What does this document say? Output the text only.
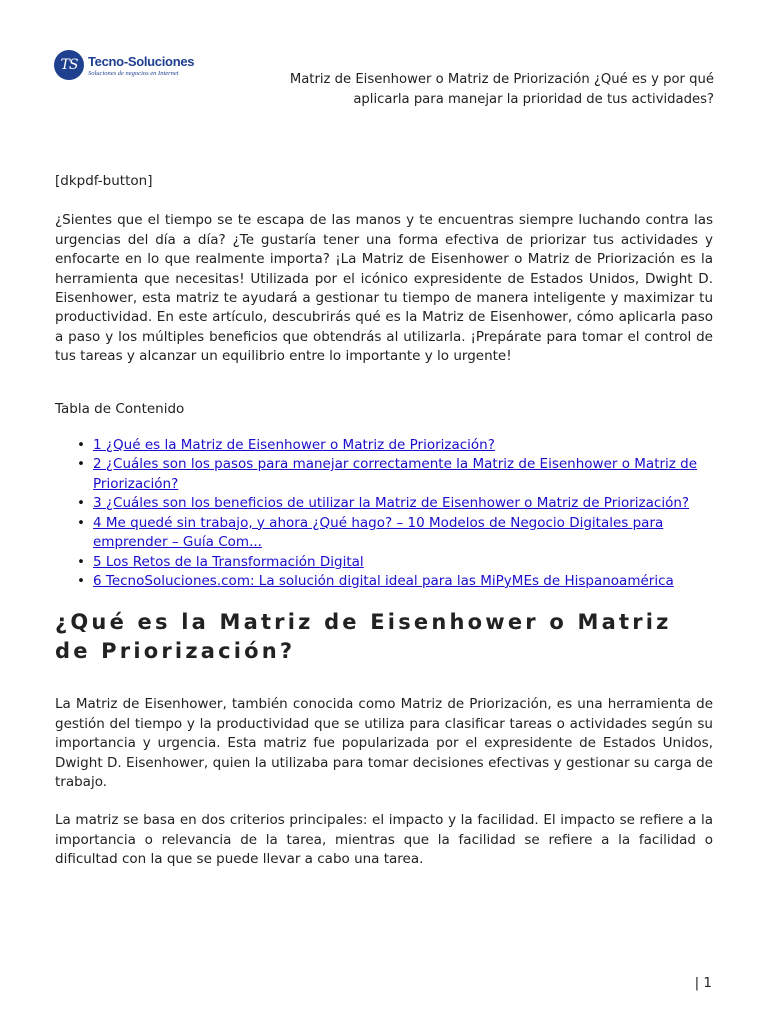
TS Tecno-Soluciones
Soluciones de negocios en Internet	Matriz de Eisenhower o Matriz de Priorización ¿Qué es y por qué
aplicarla para manejar la prioridad de tus actividades?

[dkpdf-button]

¿Sientes que el tiempo se te escapa de las manos y te encuentras siempre luchando contra las urgencias del día a día? ¿Te gustaría tener una forma efectiva de priorizar tus actividades y enfocarte en lo que realmente importa? ¡La Matriz de Eisenhower o Matriz de Priorización es la herramienta que necesitas! Utilizada por el icónico expresidente de Estados Unidos, Dwight D. Eisenhower, esta matriz te ayudará a gestionar tu tiempo de manera inteligente y maximizar tu productividad. En este artículo, descubrirás qué es la Matriz de Eisenhower, cómo aplicarla paso a paso y los múltiples beneficios que obtendrás al utilizarla. ¡Prepárate para tomar el control de tus tareas y alcanzar un equilibrio entre lo importante y lo urgente!

Tabla de Contenido

• 1 ¿Qué es la Matriz de Eisenhower o Matriz de Priorización?
• 2 ¿Cuáles son los pasos para manejar correctamente la Matriz de Eisenhower o Matriz de Priorización?
• 3 ¿Cuáles son los beneficios de utilizar la Matriz de Eisenhower o Matriz de Priorización?
• 4 Me quedé sin trabajo, y ahora ¿Qué hago? – 10 Modelos de Negocio Digitales para emprender – Guía Com...
• 5 Los Retos de la Transformación Digital
• 6 TecnoSoluciones.com: La solución digital ideal para las MiPyMEs de Hispanoamérica
¿Qué es la Matriz de Eisenhower o Matriz de Priorización?

La Matriz de Eisenhower, también conocida como Matriz de Priorización, es una herramienta de gestión del tiempo y la productividad que se utiliza para clasificar tareas o actividades según su importancia y urgencia. Esta matriz fue popularizada por el expresidente de Estados Unidos, Dwight D. Eisenhower, quien la utilizaba para tomar decisiones efectivas y gestionar su carga de trabajo.

La matriz se basa en dos criterios principales: el impacto y la facilidad. El impacto se refiere a la importancia o relevancia de la tarea, mientras que la facilidad se refiere a la facilidad o dificultad con la que se puede llevar a cabo una tarea.

| 1
